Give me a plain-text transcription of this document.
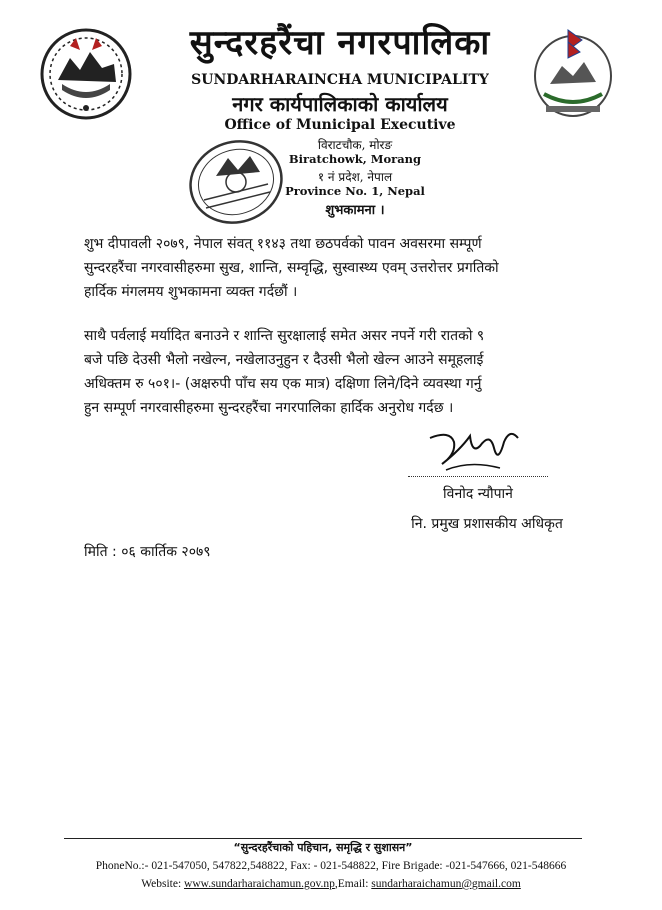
सुन्दरहरैंचा नगरपालिका
SUNDARHARAINCHA MUNICIPALITY
नगर कार्यपालिकाको कार्यालय
Office of Municipal Executive
विराटचौक, मोरङ
Biratchowk, Morang
१ नं प्रदेश, नेपाल
Province No. 1, Nepal
शुभकामना ।

शुभ दीपावली २०७९, नेपाल संवत् ११४३ तथा छठपर्वको पावन अवसरमा सम्पूर्ण

सुन्दरहरैंचा नगरवासीहरुमा सुख, शान्ति, सम्वृद्धि, सुस्वास्थ्य एवम् उत्तरोत्तर प्रगतिको

हार्दिक मंगलमय शुभकामना व्यक्त गर्दछौं ।

साथै पर्वलाई मर्यादित बनाउने र शान्ति सुरक्षालाई समेत असर नपर्ने गरी रातको ९

बजे पछि देउसी भैलो नखेल्न, नखेलाउनुहुन र दैउसी भैलो खेल्न आउने समूहलाई

अधिक्तम रु ५०१।- (अक्षरुपी पाँच सय एक मात्र) दक्षिणा लिने/दिने व्यवस्था गर्नु

हुन सम्पूर्ण नगरवासीहरुमा सुन्दरहरैंचा नगरपालिका हार्दिक अनुरोध गर्दछ ।

विनोद न्यौपाने
नि. प्रमुख प्रशासकीय अधिकृत
मिति : ०६ कार्तिक २०७९
“सुन्दरहरैंचाको पहिचान, समृद्धि र सुशासन”
PhoneNo.:- 021-547050, 547822,548822, Fax: - 021-548822, Fire Brigade: -021-547666, 021-548666
Website: www.sundarharaichamun.gov.np,Email: sundarharaichamun@gmail.com
